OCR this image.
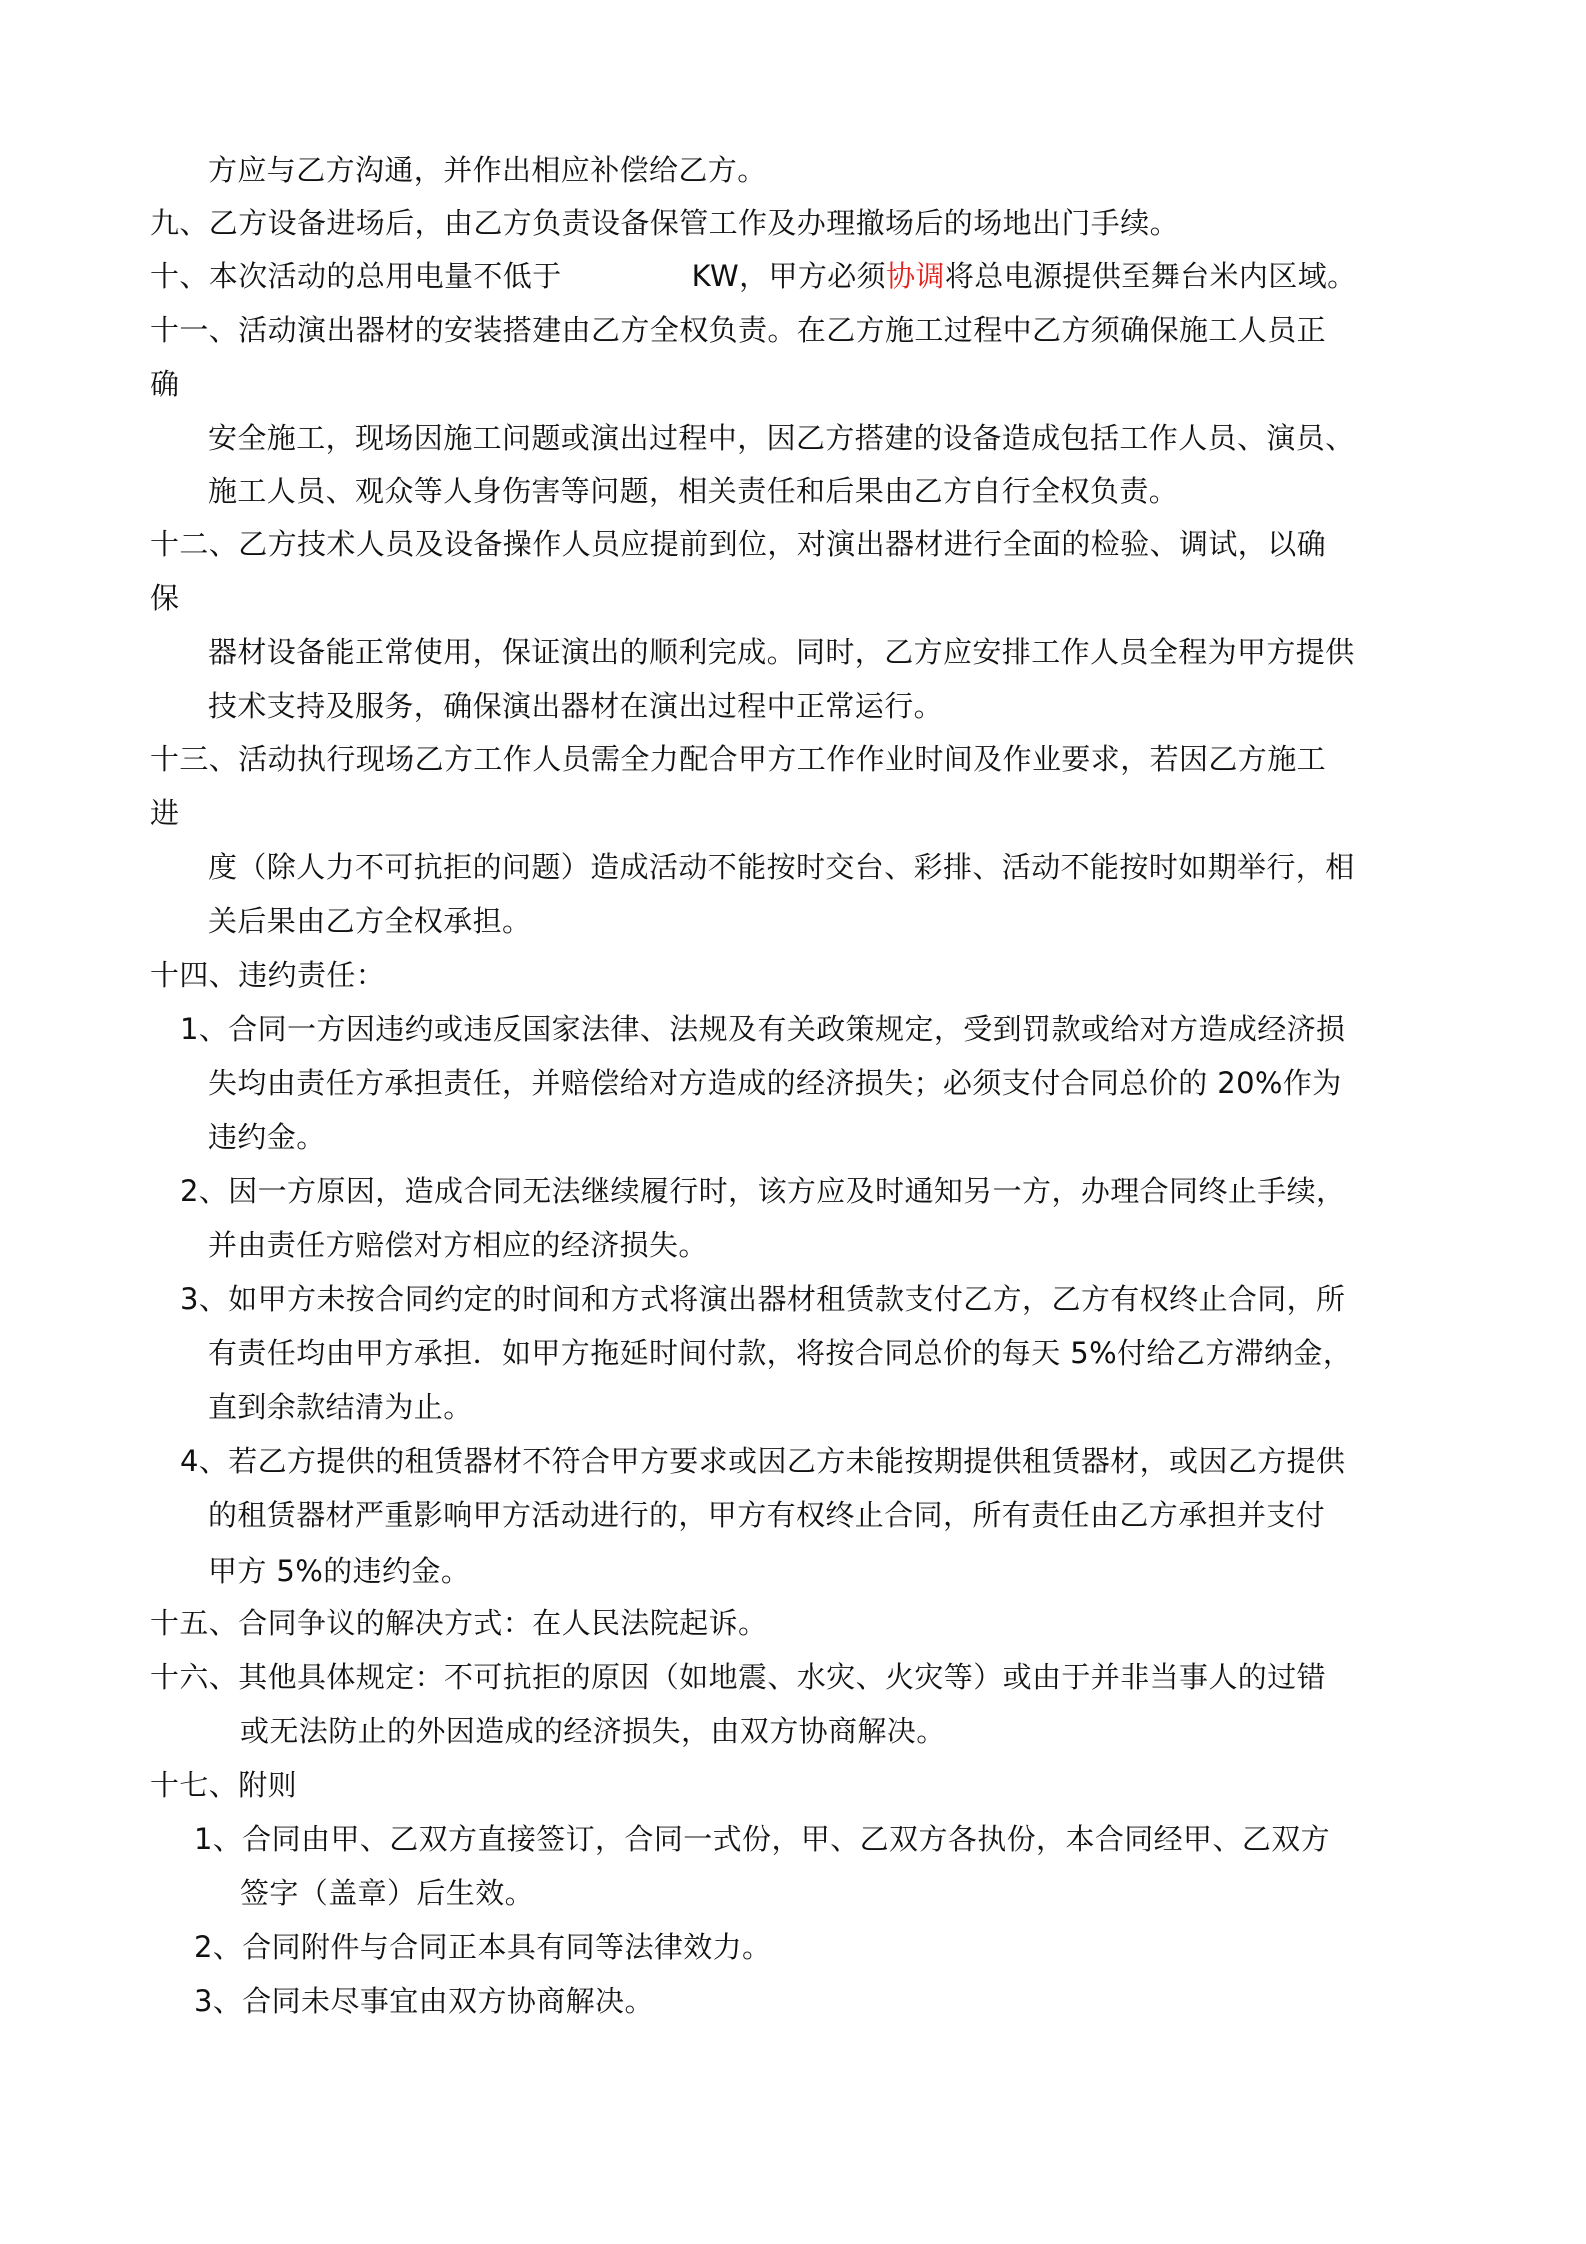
方应与乙方沟通，并作出相应补偿给乙方。

九、乙方设备进场后，由乙方负责设备保管工作及办理撤场后的场地出门手续。

十、本次活动的总用电量不低于	KW，甲方必须协调将总电源提供至舞台米内区域。

十一、活动演出器材的安装搭建由乙方全权负责。在乙方施工过程中乙方须确保施工人员正

确

安全施工，现场因施工问题或演出过程中，因乙方搭建的设备造成包括工作人员、演员、

施工人员、观众等人身伤害等问题，相关责任和后果由乙方自行全权负责。

十二、乙方技术人员及设备操作人员应提前到位，对演出器材进行全面的检验、调试，以确

保

器材设备能正常使用，保证演出的顺利完成。同时，乙方应安排工作人员全程为甲方提供

技术支持及服务，确保演出器材在演出过程中正常运行。

十三、活动执行现场乙方工作人员需全力配合甲方工作作业时间及作业要求，若因乙方施工

进

度（除人力不可抗拒的问题）造成活动不能按时交台、彩排、活动不能按时如期举行，相

关后果由乙方全权承担。

十四、违约责任：

1、合同一方因违约或违反国家法律、法规及有关政策规定，受到罚款或给对方造成经济损

失均由责任方承担责任，并赔偿给对方造成的经济损失；必须支付合同总价的 20%作为

违约金。

2、因一方原因，造成合同无法继续履行时，该方应及时通知另一方，办理合同终止手续，

并由责任方赔偿对方相应的经济损失。

3、如甲方未按合同约定的时间和方式将演出器材租赁款支付乙方，乙方有权终止合同，所

有责任均由甲方承担．如甲方拖延时间付款，将按合同总价的每天 5%付给乙方滞纳金，

直到余款结清为止。

4、若乙方提供的租赁器材不符合甲方要求或因乙方未能按期提供租赁器材，或因乙方提供

的租赁器材严重影响甲方活动进行的，甲方有权终止合同，所有责任由乙方承担并支付

甲方 5%的违约金。

十五、合同争议的解决方式：在人民法院起诉。

十六、其他具体规定：不可抗拒的原因（如地震、水灾、火灾等）或由于并非当事人的过错

或无法防止的外因造成的经济损失，由双方协商解决。

十七、附则

1、合同由甲、乙双方直接签订，合同一式份，甲、乙双方各执份，本合同经甲、乙双方

签字（盖章）后生效。

2、合同附件与合同正本具有同等法律效力。

3、合同未尽事宜由双方协商解决。
